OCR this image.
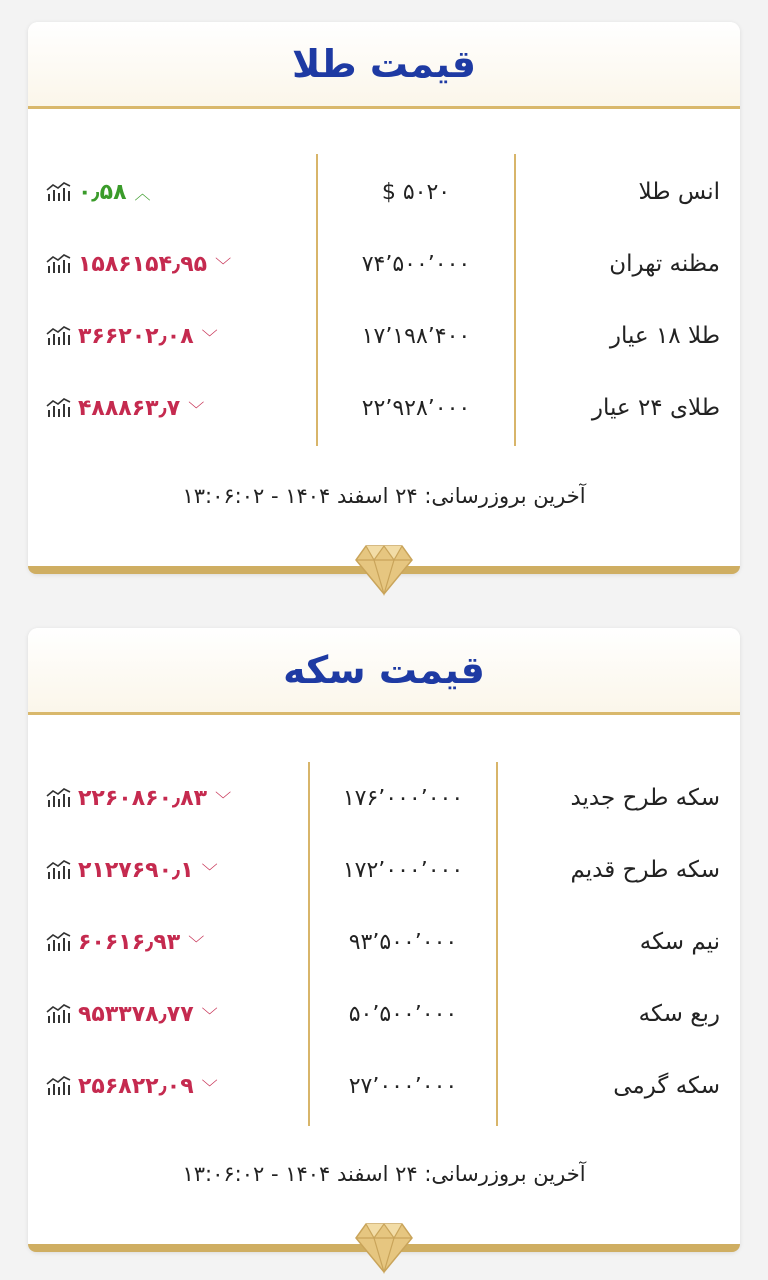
قیمت طلا
انس طلا
$ ۵۰۲۰
۰٫۵۸ ︿
مظنه تهران
۷۴٬۵۰۰٬۰۰۰
۱۵۸۶۱۵۴٫۹۵ ﹀
طلا ۱۸ عیار
۱۷٬۱۹۸٬۴۰۰
۳۶۶۲۰۲٫۰۸ ﹀
طلای ۲۴ عیار
۲۲٬۹۲۸٬۰۰۰
۴۸۸۸۶۳٫۷ ﹀
آخرین بروزرسانی: ۲۴ اسفند ۱۴۰۴ - ۱۳:۰۶:۰۲
قیمت سکه
سکه طرح جدید
۱۷۶٬۰۰۰٬۰۰۰
۲۲۶۰۸۶۰٫۸۳ ﹀
سکه طرح قدیم
۱۷۲٬۰۰۰٬۰۰۰
۲۱۲۷۶۹۰٫۱ ﹀
نیم سکه
۹۳٬۵۰۰٬۰۰۰
۶۰۶۱۶٫۹۳ ﹀
ربع سکه
۵۰٬۵۰۰٬۰۰۰
۹۵۳۳۷۸٫۷۷ ﹀
سکه گرمی
۲۷٬۰۰۰٬۰۰۰
۲۵۶۸۲۲٫۰۹ ﹀
آخرین بروزرسانی: ۲۴ اسفند ۱۴۰۴ - ۱۳:۰۶:۰۲
